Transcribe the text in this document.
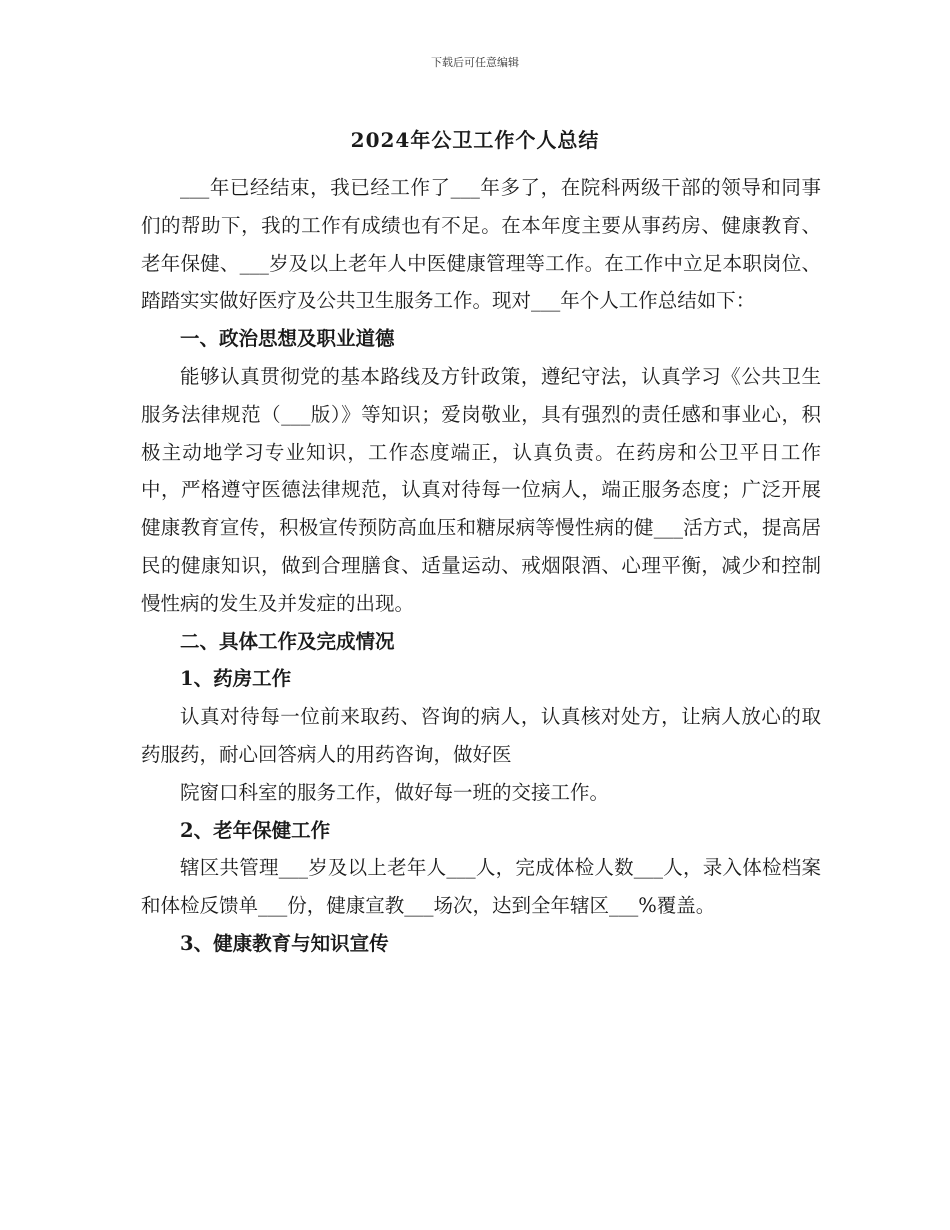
下载后可任意编辑
2024年公卫工作个人总结

___年已经结束，我已经工作了___年多了，在院科两级干部的领导和同事们的帮助下，我的工作有成绩也有不足。在本年度主要从事药房、健康教育、老年保健、___岁及以上老年人中医健康管理等工作。在工作中立足本职岗位、踏踏实实做好医疗及公共卫生服务工作。现对___年个人工作总结如下：

一、政治思想及职业道德

能够认真贯彻党的基本路线及方针政策，遵纪守法，认真学习《公共卫生服务法律规范（___版）》等知识；爱岗敬业，具有强烈的责任感和事业心，积极主动地学习专业知识，工作态度端正，认真负责。在药房和公卫平日工作中，严格遵守医德法律规范，认真对待每一位病人，端正服务态度；广泛开展健康教育宣传，积极宣传预防高血压和糖尿病等慢性病的健___活方式，提高居民的健康知识，做到合理膳食、适量运动、戒烟限酒、心理平衡，减少和控制慢性病的发生及并发症的出现。

二、具体工作及完成情况

1、药房工作

认真对待每一位前来取药、咨询的病人，认真核对处方，让病人放心的取药服药，耐心回答病人的用药咨询，做好医

院窗口科室的服务工作，做好每一班的交接工作。

2、老年保健工作

辖区共管理___岁及以上老年人___人，完成体检人数___人，录入体检档案和体检反馈单___份，健康宣教___场次，达到全年辖区___%覆盖。

3、健康教育与知识宣传
